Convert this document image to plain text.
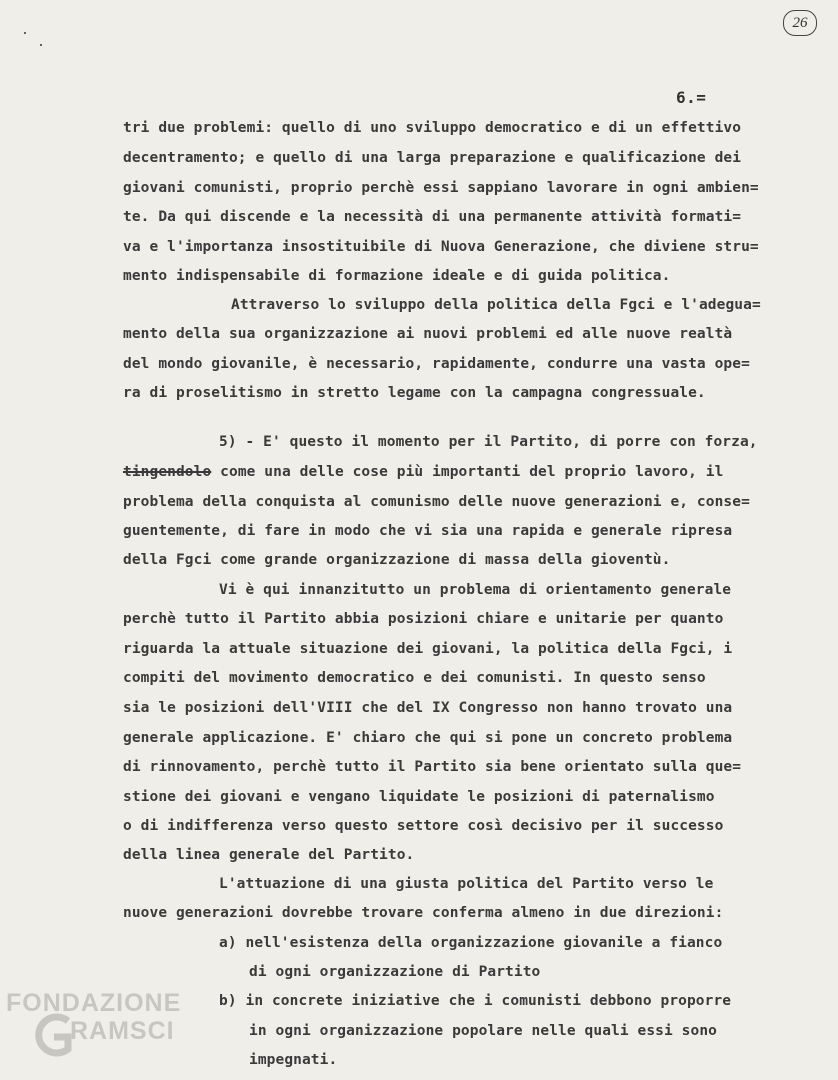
26
6.=
tri due problemi: quello di uno sviluppo democratico e di un effettivo
decentramento; e quello di una larga preparazione e qualificazione dei
giovani comunisti, proprio perchè essi sappiano lavorare in ogni ambien=
te. Da qui discende e la necessità di una permanente attività formati=
va e l'importanza insostituibile di Nuova Generazione, che diviene stru=
mento indispensabile di formazione ideale e di guida politica.
Attraverso lo sviluppo della politica della Fgci e l'adegua=
mento della sua organizzazione ai nuovi problemi ed alle nuove realtà
del mondo giovanile, è necessario, rapidamente, condurre una vasta ope=
ra di proselitismo in stretto legame con la campagna congressuale.
5) - E' questo il momento per il Partito, di porre con forza,
tingendolo come una delle cose più importanti del proprio lavoro, il
problema della conquista al comunismo delle nuove generazioni e, conse=
guentemente, di fare in modo che vi sia una rapida e generale ripresa
della Fgci come grande organizzazione di massa della gioventù.
Vi è qui innanzitutto un problema di orientamento generale
perchè tutto il Partito abbia posizioni chiare e unitarie per quanto
riguarda la attuale situazione dei giovani, la politica della Fgci, i
compiti del movimento democratico e dei comunisti. In questo senso
sia le posizioni dell'VIII che del IX Congresso non hanno trovato una
generale applicazione. E' chiaro che qui si pone un concreto problema
di rinnovamento, perchè tutto il Partito sia bene orientato sulla que=
stione dei giovani e vengano liquidate le posizioni di paternalismo
o di indifferenza verso questo settore così decisivo per il successo
della linea generale del Partito.
L'attuazione di una giusta politica del Partito verso le
nuove generazioni dovrebbe trovare conferma almeno in due direzioni:
a) nell'esistenza della organizzazione giovanile a fianco
di ogni organizzazione di Partito
b) in concrete iniziative che i comunisti debbono proporre
in ogni organizzazione popolare nelle quali essi sono
impegnati.
FONDAZIONE
RAMSCI
